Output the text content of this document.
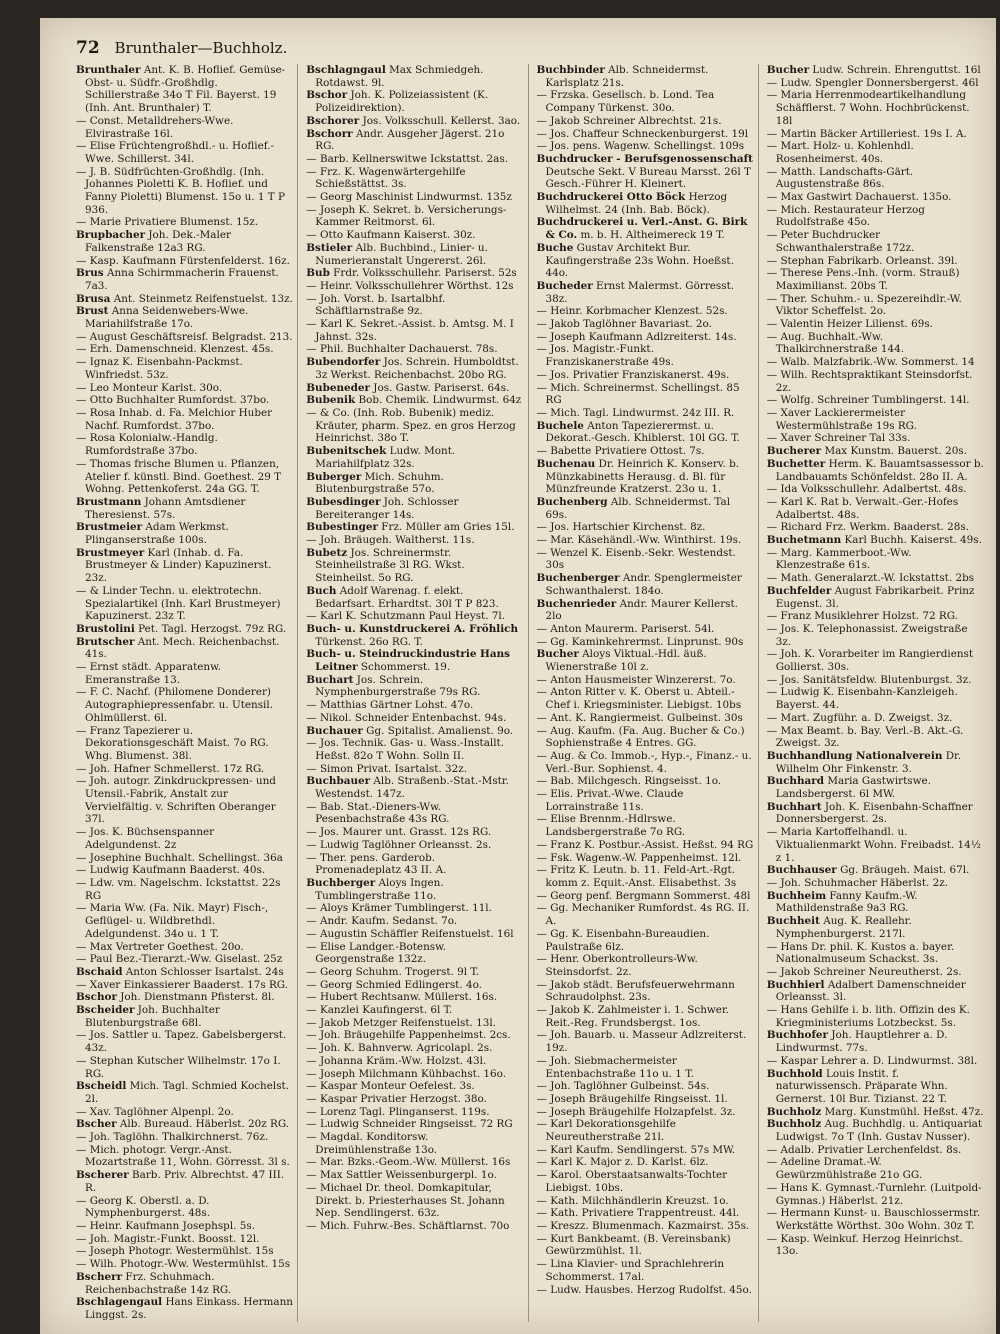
72 Brunthaler—Buchholz.

Brunthaler Ant. K. B. Hoflief. Gemüse- Obst- u. Südfr.-Großhdlg. Schillerstraße 34o T Fil. Bayerst. 19 (Inh. Ant. Brunthaler) T.

— Const. Metalldrehers-Wwe. Elvirastraße 16l.

— Elise Früchtengroßhdl.- u. Hoflief.-Wwe. Schillerst. 34l.

— J. B. Südfrüchten-Großhdlg. (Inh. Johannes Pioletti K. B. Hoflief. und Fanny Pioletti) Blumenst. 15o u. 1 T P 936.

— Marie Privatiere Blumenst. 15z.

Brupbacher Joh. Dek.-Maler Falkenstraße 12a3 RG.

— Kasp. Kaufmann Fürstenfelderst. 16z.

Brus Anna Schirmmacherin Frauenst. 7a3.

Brusa Ant. Steinmetz Reifenstuelst. 13z.

Brust Anna Seidenwebers-Wwe. Mariahilfstraße 17o.

— August Geschäftsreisf. Belgradst. 213.

— Erh. Damenschneid. Klenzest. 45s.

— Ignaz K. Eisenbahn-Packmst. Winfriedst. 53z.

— Leo Monteur Karlst. 30o.

— Otto Buchhalter Rumfordst. 37bo.

— Rosa Inhab. d. Fa. Melchior Huber Nachf. Rumfordst. 37bo.

— Rosa Kolonialw.-Handlg. Rumfordstraße 37bo.

— Thomas frische Blumen u. Pflanzen, Atelier f. künstl. Bind. Goethest. 29 T Wohng. Pettenkoferst. 24a GG. T.

Brustmann Johann Amtsdiener Theresienst. 57s.

Brustmeier Adam Werkmst. Plinganserstraße 100s.

Brustmeyer Karl (Inhab. d. Fa. Brustmeyer & Linder) Kapuzinerst. 23z.

— & Linder Techn. u. elektrotechn. Spezialartikel (Inh. Karl Brustmeyer) Kapuzinerst. 23z T.

Brustolini Pet. Tagl. Herzogst. 79z RG.

Brutscher Ant. Mech. Reichenbachst. 41s.

— Ernst städt. Apparatenw. Emeranstraße 13.

— F. C. Nachf. (Philomene Donderer) Autographiepressenfabr. u. Utensil. Ohlmüllerst. 6l.

— Franz Tapezierer u. Dekorationsgeschäft Maist. 7o RG. Whg. Blumenst. 38l.

— Joh. Hafner Schmellerst. 17z RG.

— Joh. autogr. Zinkdruckpressen- und Utensil.-Fabrik, Anstalt zur Vervielfältig. v. Schriften Oberanger 37l.

— Jos. K. Büchsenspanner Adelgundenst. 2z

— Josephine Buchhalt. Schellingst. 36a

— Ludwig Kaufmann Baaderst. 40s.

— Ldw. vm. Nagelschm. Ickstattst. 22s RG

— Maria Ww. (Fa. Nik. Mayr) Fisch-, Geflügel- u. Wildbrethdl. Adelgundenst. 34o u. 1 T.

— Max Vertreter Goethest. 20o.

— Paul Bez.-Tierarzt.-Ww. Giselast. 25z

Bschaid Anton Schlosser Isartalst. 24s

— Xaver Einkassierer Baaderst. 17s RG.

Bschor Joh. Dienstmann Pfisterst. 8l.

Bscheider Joh. Buchhalter Blutenburgstraße 68l.

— Jos. Sattler u. Tapez. Gabelsbergerst. 43z.

— Stephan Kutscher Wilhelmstr. 17o I. RG.

Bscheidl Mich. Tagl. Schmied Kochelst. 2l.

— Xav. Taglöhner Alpenpl. 2o.

Bscher Alb. Bureaud. Häberlst. 20z RG.

— Joh. Taglöhn. Thalkirchnerst. 76z.

— Mich. photogr. Vergr.-Anst. Mozartstraße 11, Wohn. Görresst. 3l s.

Bscherer Barb. Priv. Albrechtst. 47 III. R.

— Georg K. Oberstl. a. D. Nymphenburgerst. 48s.

— Heinr. Kaufmann Josephspl. 5s.

— Joh. Magistr.-Funkt. Boosst. 12l.

— Joseph Photogr. Westermühlst. 15s

— Wilh. Photogr.-Ww. Westermühlst. 15s

Bscherr Frz. Schuhmach. Reichenbachstraße 14z RG.

Bschlagengaul Hans Einkass. Hermann Linggst. 2s.

Bschlagngaul Max Schmiedgeh. Rotdawst. 9l.

Bschor Joh. K. Polizeiassistent (K. Polizeidirektion).

Bschorer Jos. Volksschull. Kellerst. 3ao.

Bschorr Andr. Ausgeher Jägerst. 21o RG.

— Barb. Kellnerswitwe Ickstattst. 2as.

— Frz. K. Wagenwärtergehilfe Schießstättst. 3s.

— Georg Maschinist Lindwurmst. 135z

— Joseph K. Sekret. b. Versicherungs-Kammer Reitmorst. 6l.

— Otto Kaufmann Kaiserst. 30z.

Bstieler Alb. Buchbind., Linier- u. Numerieranstalt Ungererst. 26l.

Bub Frdr. Volksschullehr. Pariserst. 52s

— Heinr. Volksschullehrer Wörthst. 12s

— Joh. Vorst. b. Isartalbhf. Schäftlarnstraße 9z.

— Karl K. Sekret.-Assist. b. Amtsg. M. I Jahnst. 32s.

— Phil. Buchhalter Dachauerst. 78s.

Bubendorfer Jos. Schrein. Humboldtst. 3z Werkst. Reichenbachst. 20bo RG.

Bubeneder Jos. Gastw. Pariserst. 64s.

Bubenik Bob. Chemik. Lindwurmst. 64z

— & Co. (Inh. Rob. Bubenik) mediz. Kräuter, pharm. Spez. en gros Herzog Heinrichst. 38o T.

Bubenitschek Ludw. Mont. Mariahilfplatz 32s.

Buberger Mich. Schuhm. Blutenburgstraße 57o.

Bubesdinger Joh. Schlosser Bereiteranger 14s.

Bubestinger Frz. Müller am Gries 15l.

— Joh. Bräugeh. Waltherst. 11s.

Bubetz Jos. Schreinermstr. Steinheilstraße 3l RG. Wkst. Steinheilst. 5o RG.

Buch Adolf Warenag. f. elekt. Bedarfsart. Erhardtst. 30l T P 823.

— Karl K. Schutzmann Paul Heyst. 7l.

Buch- u. Kunstdruckerei A. Fröhlich Türkenst. 26o RG. T.

Buch- u. Steindruckindustrie Hans Leitner Schommerst. 19.

Buchart Jos. Schrein. Nymphenburgerstraße 79s RG.

— Matthias Gärtner Lohst. 47o.

— Nikol. Schneider Entenbachst. 94s.

Buchauer Gg. Spitalist. Amalienst. 9o.

— Jos. Technik. Gas- u. Wass.-Installt. Heßst. 82o T Wohn. Solln II.

— Simon Privat. Isartalst. 32z.

Buchbauer Alb. Straßenb.-Stat.-Mstr. Westendst. 147z.

— Bab. Stat.-Dieners-Ww. Pesenbachstraße 43s RG.

— Jos. Maurer unt. Grasst. 12s RG.

— Ludwig Taglöhner Orleansst. 2s.

— Ther. pens. Garderob. Promenadeplatz 43 II. A.

Buchberger Aloys Ingen. Tumblingerstraße 11o.

— Aloys Krämer Tumblingerst. 11l.

— Andr. Kaufm. Sedanst. 7o.

— Augustin Schäffler Reifenstuelst. 16l

— Elise Landger.-Botensw. Georgenstraße 132z.

— Georg Schuhm. Trogerst. 9l T.

— Georg Schmied Edlingerst. 4o.

— Hubert Rechtsanw. Müllerst. 16s.

— Kanzlei Kaufingerst. 6l T.

— Jakob Metzger Reifenstuelst. 13l.

— Joh. Bräugehilfe Pappenheimst. 2cs.

— Joh. K. Bahnverw. Agricolapl. 2s.

— Johanna Kräm.-Ww. Holzst. 43l.

— Joseph Milchmann Kühbachst. 16o.

— Kaspar Monteur Oefelest. 3s.

— Kaspar Privatier Herzogst. 38o.

— Lorenz Tagl. Plinganserst. 119s.

— Ludwig Schneider Ringseisst. 72 RG

— Magdal. Konditorsw. Dreimühlenstraße 13o.

— Mar. Bzks.-Geom.-Ww. Müllerst. 16s

— Max Sattler Weissenburgerpl. 1o.

— Michael Dr. theol. Domkapitular, Direkt. b. Priesterhauses St. Johann Nep. Sendlingerst. 63z.

— Mich. Fuhrw.-Bes. Schäftlarnst. 70o

Buchbinder Alb. Schneidermst. Karlsplatz 21s.

— Frzska. Gesellsch. b. Lond. Tea Company Türkenst. 30o.

— Jakob Schreiner Albrechtst. 21s.

— Jos. Chaffeur Schneckenburgerst. 19l

— Jos. pens. Wagenw. Schellingst. 109s

Buchdrucker - Berufsgenossenschaft Deutsche Sekt. V Bureau Marsst. 26l T Gesch.-Führer H. Kleinert.

Buchdruckerei Otto Böck Herzog Wilhelmst. 24 (Inh. Bab. Böck).

Buchdruckerei u. Verl.-Anst. G. Birk & Co. m. b. H. Altheimereck 19 T.

Buche Gustav Architekt Bur. Kaufingerstraße 23s Wohn. Hoeßst. 44o.

Bucheder Ernst Malermst. Görresst. 38z.

— Heinr. Korbmacher Klenzest. 52s.

— Jakob Taglöhner Bavariast. 2o.

— Joseph Kaufmann Adlzreiterst. 14s.

— Jos. Magistr.-Funkt. Franziskanerstraße 49s.

— Jos. Privatier Franziskanerst. 49s.

— Mich. Schreinermst. Schellingst. 85 RG

— Mich. Tagl. Lindwurmst. 24z III. R.

Buchele Anton Tapezierermst. u. Dekorat.-Gesch. Khiblerst. 10l GG. T.

— Babette Privatiere Ottost. 7s.

Buchenau Dr. Heinrich K. Konserv. b. Münzkabinetts Herausg. d. Bl. für Münzfreunde Kratzerst. 23o u. 1.

Buchenberg Alb. Schneidermst. Tal 69s.

— Jos. Hartschier Kirchenst. 8z.

— Mar. Käsehändl.-Ww. Winthirst. 19s.

— Wenzel K. Eisenb.-Sekr. Westendst. 30s

Buchenberger Andr. Spenglermeister Schwanthalerst. 184o.

Buchenrieder Andr. Maurer Kellerst. 2lo

— Anton Maurerm. Pariserst. 54l.

— Gg. Kaminkehrermst. Linprunst. 90s

Bucher Aloys Viktual.-Hdl. äuß. Wienerstraße 10l z.

— Anton Hausmeister Winzererst. 7o.

— Anton Ritter v. K. Oberst u. Abteil.-Chef i. Kriegsminister. Liebigst. 10bs

— Ant. K. Rangiermeist. Gulbeinst. 30s

— Aug. Kaufm. (Fa. Aug. Bucher & Co.) Sophienstraße 4 Entres. GG.

— Aug. & Co. Immob.-, Hyp.-, Finanz.- u. Verl.-Bur. Sophienst. 4.

— Bab. Milchgesch. Ringseisst. 1o.

— Elis. Privat.-Wwe. Claude Lorrainstraße 11s.

— Elise Brennm.-Hdlrswe. Landsbergerstraße 7o RG.

— Franz K. Postbur.-Assist. Heßst. 94 RG

— Fsk. Wagenw.-W. Pappenheimst. 12l.

— Fritz K. Leutn. b. 11. Feld-Art.-Rgt. komm z. Equit.-Anst. Elisabethst. 3s

— Georg penf. Bergmann Sommerst. 48l

— Gg. Mechaniker Rumfordst. 4s RG. II. A.

— Gg. K. Eisenbahn-Bureaudien. Paulstraße 6lz.

— Henr. Oberkontrolleurs-Ww. Steinsdorfst. 2z.

— Jakob städt. Berufsfeuerwehrmann Schraudolphst. 23s.

— Jakob K. Zahlmeister i. 1. Schwer. Reit.-Reg. Frundsbergst. 1os.

— Joh. Bauarb. u. Masseur Adlzreiterst. 19z.

— Joh. Siebmachermeister Entenbachstraße 11o u. 1 T.

— Joh. Taglöhner Gulbeinst. 54s.

— Joseph Bräugehilfe Ringseisst. 1l.

— Joseph Bräugehilfe Holzapfelst. 3z.

— Karl Dekorationsgehilfe Neureutherstraße 21l.

— Karl Kaufm. Sendlingerst. 57s MW.

— Karl K. Major z. D. Karlst. 6lz.

— Karol. Oberstaatsanwalts-Tochter Liebigst. 10bs.

— Kath. Milchhändlerin Kreuzst. 1o.

— Kath. Privatiere Trappentreust. 44l.

— Kreszz. Blumenmach. Kazmairst. 35s.

— Kurt Bankbeamt. (B. Vereinsbank) Gewürzmühlst. 1l.

— Lina Klavier- und Sprachlehrerin Schommerst. 17al.

— Ludw. Hausbes. Herzog Rudolfst. 45o.

Bucher Ludw. Schrein. Ehrenguttst. 16l

— Ludw. Spengler Donnersbergerst. 46l

— Maria Herrenmodeartikelhandlung Schäfflerst. 7 Wohn. Hochbrückenst. 18l

— Martin Bäcker Artilleriest. 19s I. A.

— Mart. Holz- u. Kohlenhdl. Rosenheimerst. 40s.

— Matth. Landschafts-Gärt. Augustenstraße 86s.

— Max Gastwirt Dachauerst. 135o.

— Mich. Restaurateur Herzog Rudolfstraße 45o.

— Peter Buchdrucker Schwanthalerstraße 172z.

— Stephan Fabrikarb. Orleanst. 39l.

— Therese Pens.-Inh. (vorm. Strauß) Maximilianst. 20bs T.

— Ther. Schuhm.- u. Spezereihdlr.-W. Viktor Scheffelst. 2o.

— Valentin Heizer Lilienst. 69s.

— Aug. Buchhalt.-Ww. Thalkirchnerstraße 144.

— Walb. Malzfabrik.-Ww. Sommerst. 14

— Wilh. Rechtspraktikant Steinsdorfst. 2z.

— Wolfg. Schreiner Tumblingerst. 14l.

— Xaver Lackierermeister Westermühlstraße 19s RG.

— Xaver Schreiner Tal 33s.

Bucherer Max Kunstm. Bauerst. 20s.

Buchetter Herm. K. Bauamtsassessor b. Landbauamts Schönfeldst. 28o II. A.

— Ida Volksschullehr. Adalbertst. 48s.

— Karl K. Rat b. Verwalt.-Ger.-Hofes Adalbertst. 48s.

— Richard Frz. Werkm. Baaderst. 28s.

Buchetmann Karl Buchh. Kaiserst. 49s.

— Marg. Kammerboot.-Ww. Klenzestraße 61s.

— Math. Generalarzt.-W. Ickstattst. 2bs

Buchfelder August Fabrikarbeit. Prinz Eugenst. 3l.

— Franz Musiklehrer Holzst. 72 RG.

— Jos. K. Telephonassist. Zweigstraße 3z.

— Joh. K. Vorarbeiter im Rangierdienst Gollierst. 30s.

— Jos. Sanitätsfeldw. Blutenburgst. 3z.

— Ludwig K. Eisenbahn-Kanzleigeh. Bayerst. 44.

— Mart. Zugführ. a. D. Zweigst. 3z.

— Max Beamt. b. Bay. Verl.-B. Akt.-G. Zweigst. 3z.

Buchhandlung Nationalverein Dr. Wilhelm Ohr Finkenstr. 3.

Buchhard Maria Gastwirtswe. Landsbergerst. 6l MW.

Buchhart Joh. K. Eisenbahn-Schaffner Donnersbergerst. 2s.

— Maria Kartoffelhandl. u. Viktualienmarkt Wohn. Freibadst. 14½ z 1.

Buchhauser Gg. Bräugeh. Maist. 67l.

— Joh. Schuhmacher Häberlst. 2z.

Buchheim Fanny Kaufm.-W. Mathildenstraße 9a3 RG.

Buchheit Aug. K. Reallehr. Nymphenburgerst. 217l.

— Hans Dr. phil. K. Kustos a. bayer. Nationalmuseum Schackst. 3s.

— Jakob Schreiner Neureutherst. 2s.

Buchhierl Adalbert Damenschneider Orleansst. 3l.

— Hans Gehilfe i. b. lith. Offizin des K. Kriegministeriums Lotzbeckst. 5s.

Buchhofer Joh. Hauptlehrer a. D. Lindwurmst. 77s.

— Kaspar Lehrer a. D. Lindwurmst. 38l.

Buchhold Louis Instit. f. naturwissensch. Präparate Whn. Gernerst. 10l Bur. Tizianst. 22 T.

Buchholz Marg. Kunstmühl. Heßst. 47z.

Buchholz Aug. Buchhdlg. u. Antiquariat Ludwigst. 7o T (Inh. Gustav Nusser).

— Adalb. Privatier Lerchenfeldst. 8s.

— Adeline Dramat.-W. Gewürzmühlstraße 21o GG.

— Hans K. Gymnast.-Turnlehr. (Luitpold-Gymnas.) Häberlst. 21z.

— Hermann Kunst- u. Bauschlossermstr. Werkstätte Wörthst. 30o Wohn. 30z T.

— Kasp. Weinkuf. Herzog Heinrichst. 13o.
